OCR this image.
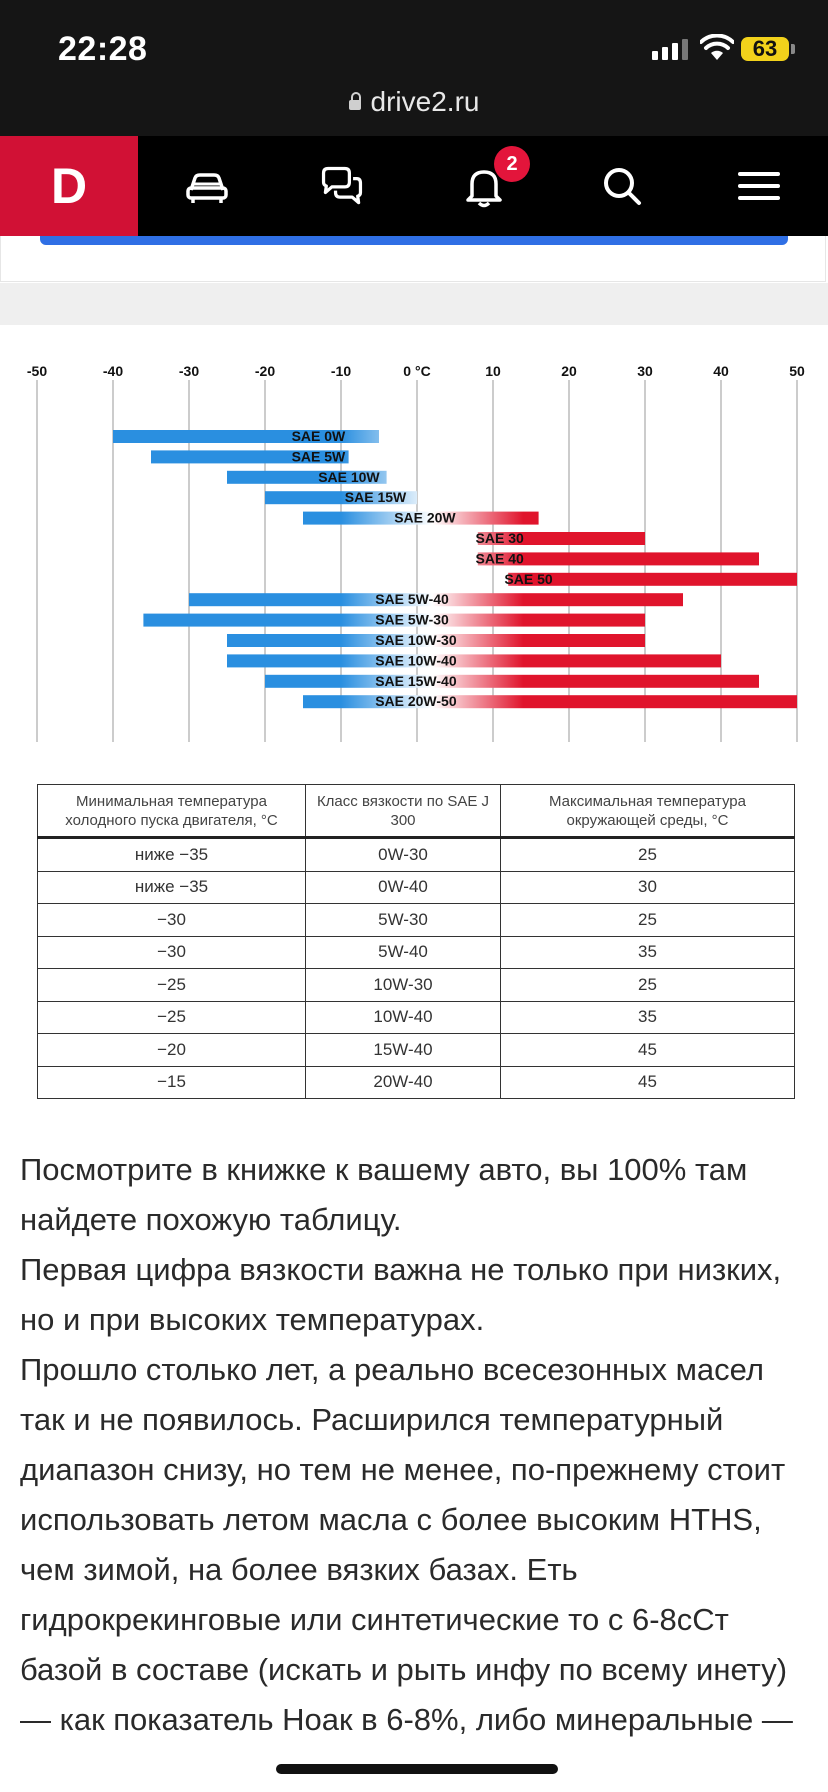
22:28	63
drive2.ru
D	2
-50	-40	-30	-20	-10	0 °C	10	20	30	40	50
SAE 0W
SAE 5W
SAE 10W
SAE 15W
SAE 20W
SAE 30
SAE 40
SAE 50
SAE 5W-40
SAE 5W-30
SAE 10W-30
SAE 10W-40
SAE 15W-40
SAE 20W-50
Минимальная температура холодного пуска двигателя, °С	Класс вязкости по SAE J 300	Максимальная температура окружающей среды, °С
ниже −35	0W-30	25
ниже −35	0W-40	30
−30	5W-30	25
−30	5W-40	35
−25	10W-30	25
−25	10W-40	35
−20	15W-40	45
−15	20W-40	45

Посмотрите в книжке к вашему авто, вы 100% там найдете похожую таблицу.

Первая цифра вязкости важна не только при низких, но и при высоких температурах.

Прошло столько лет, а реально всесезонных масел так и не появилось. Расширился температурный диапазон снизу, но тем не менее, по-прежнему стоит использовать летом масла с более высоким HTHS, чем зимой, на более вязких базах. Еть гидрокрекинговые или синтетические то с 6-8сСт базой в составе (искать и рыть инфу по всему инету) — как показатель Ноак в 6-8%, либо минеральные —
